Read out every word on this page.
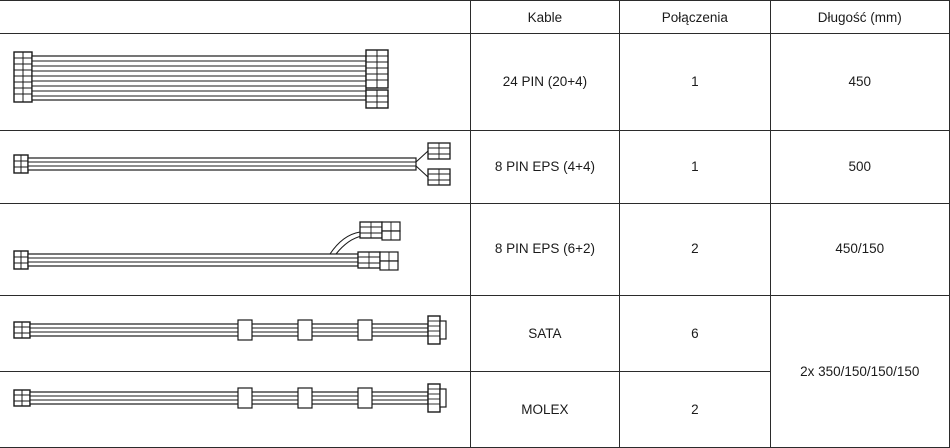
	Kable	Połączenia	Długość (mm)

	24 PIN (20+4)	1	450

	8 PIN EPS (4+4)	1	500

	8 PIN EPS (6+2)	2	450/150

	SATA	6	2x 350/150/150/150

	MOLEX	2	
